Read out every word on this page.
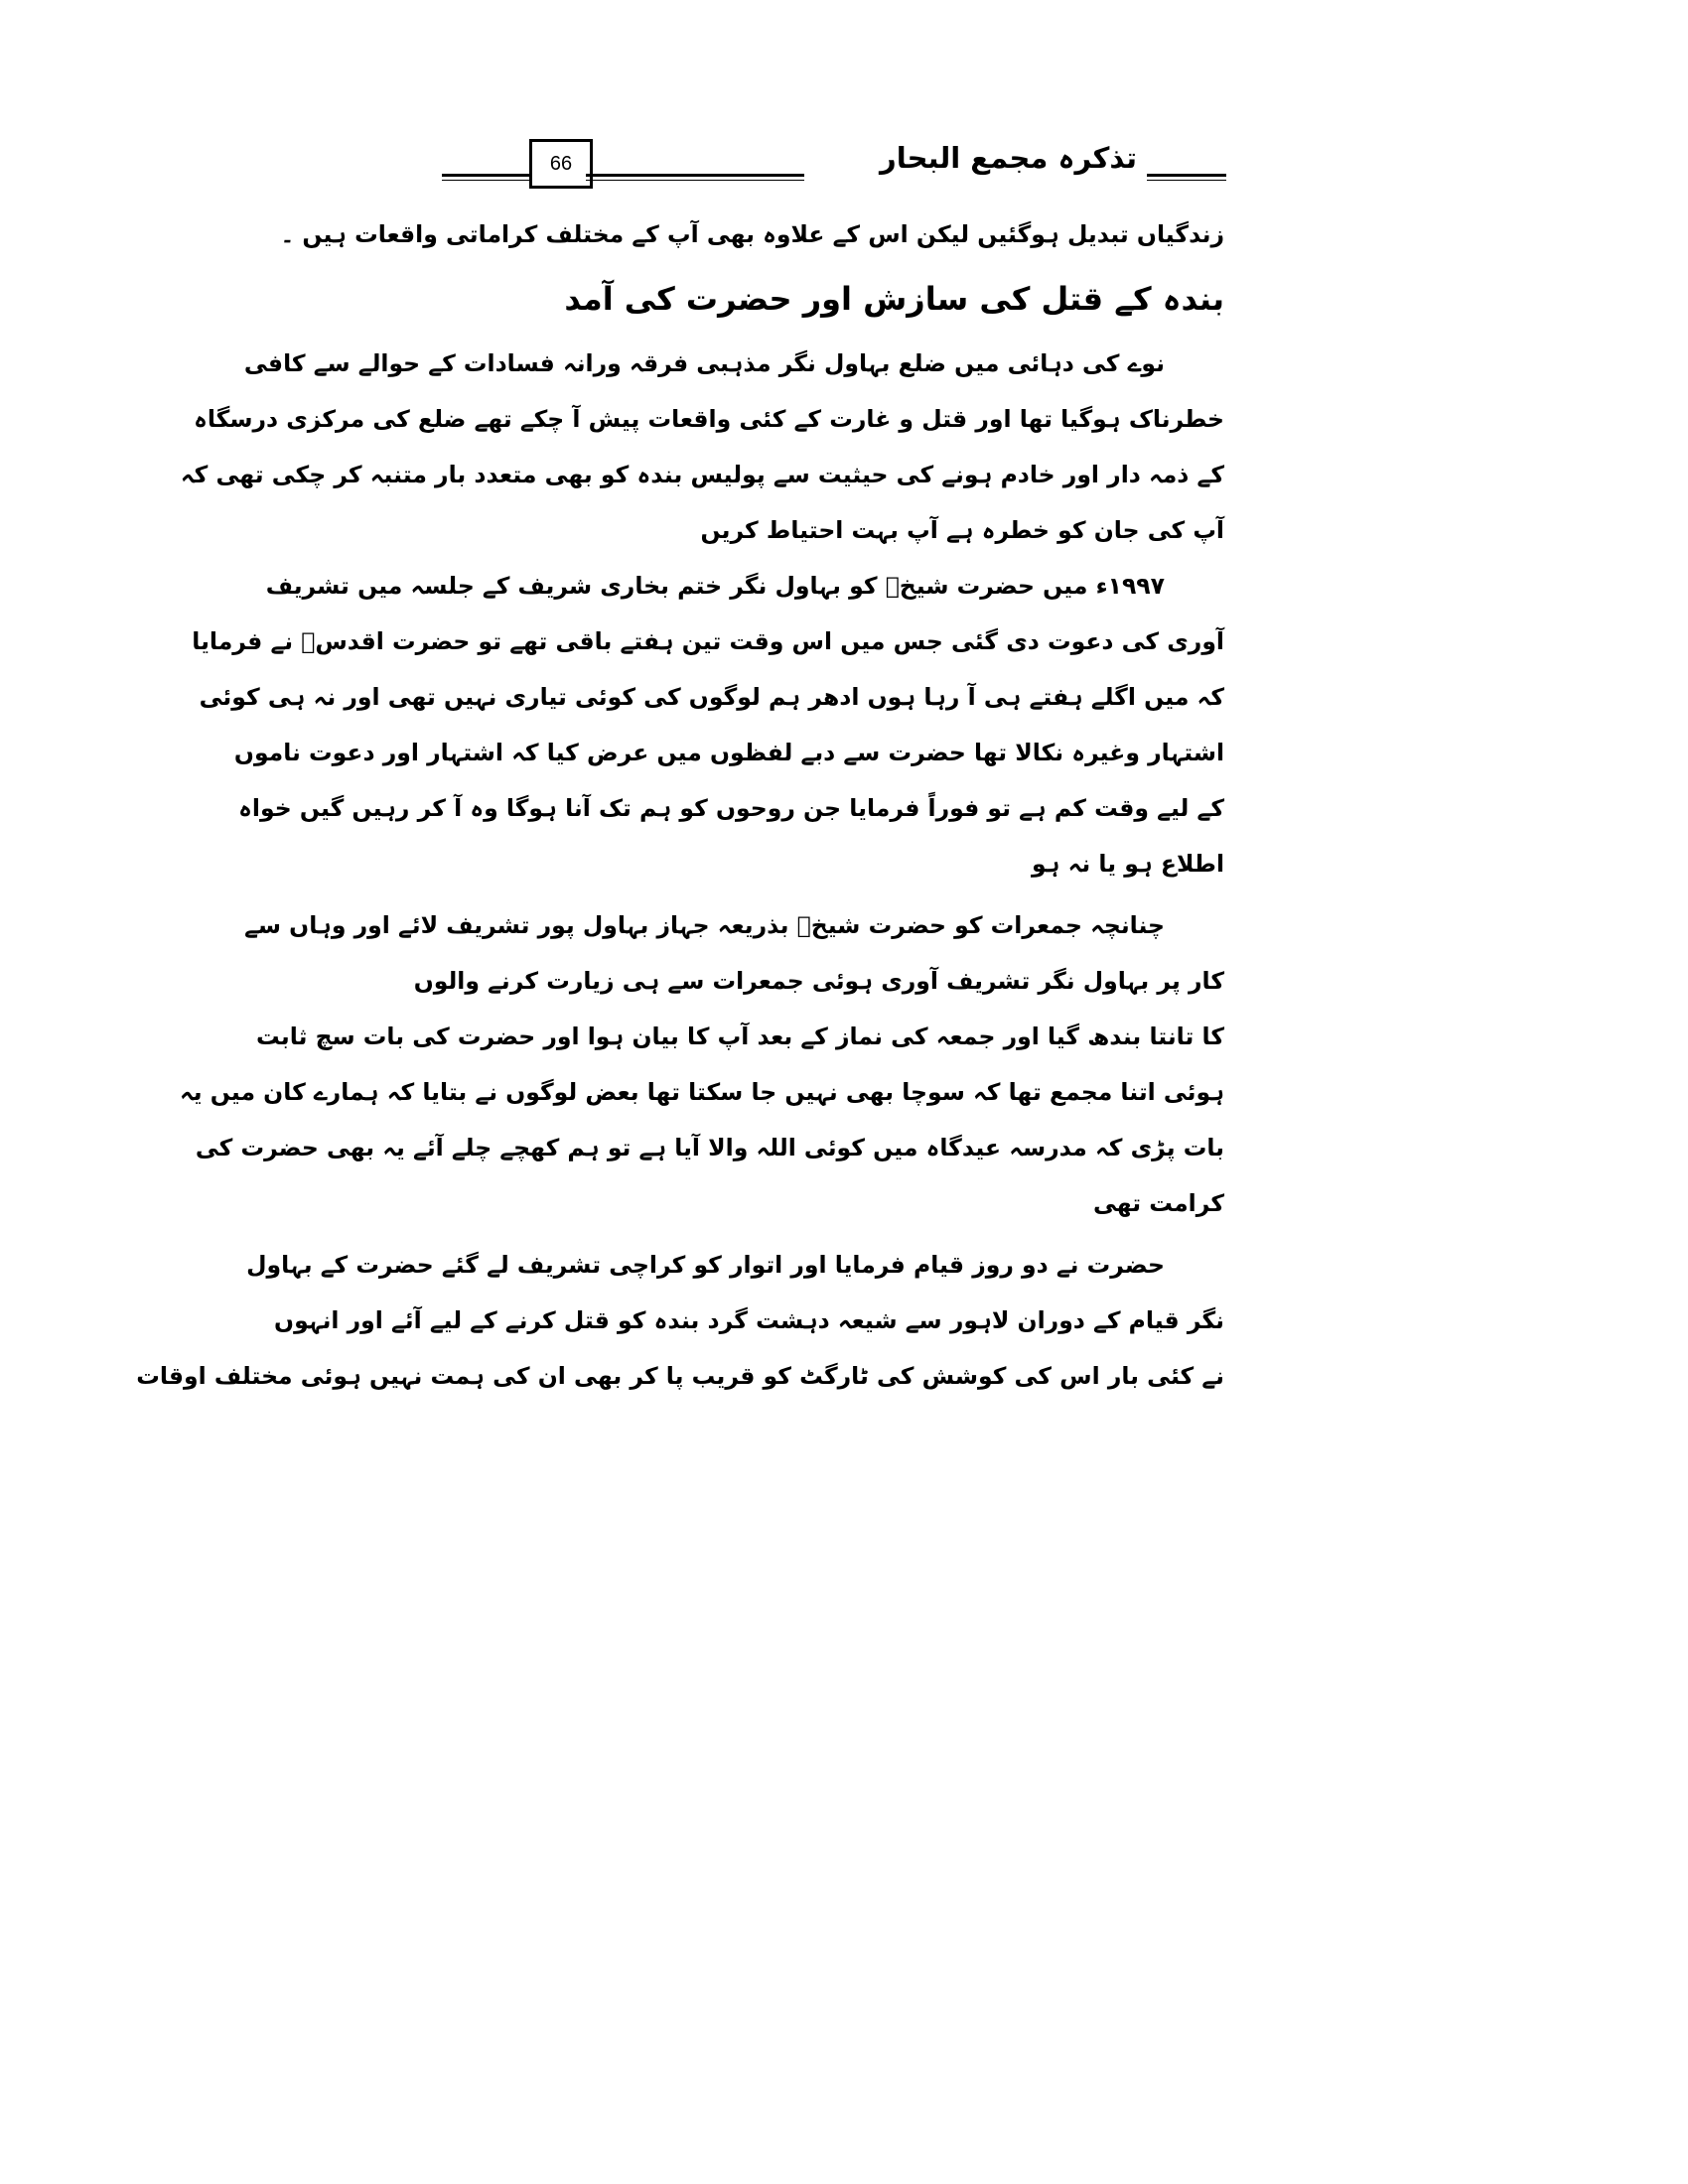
66	تذکرہ مجمع البحار
زندگیاں تبدیل ہوگئیں لیکن اس کے علاوہ بھی آپ کے مختلف کراماتی واقعات ہیں ۔
بندہ کے قتل کی سازش اور حضرت کی آمد
نوے کی دہائی میں ضلع بہاول نگر مذہبی فرقہ ورانہ فسادات کے حوالے سے کافی
خطرناک ہوگیا تھا اور قتل و غارت کے کئی واقعات پیش آ چکے تھے ضلع کی مرکزی درسگاہ
کے ذمہ دار اور خادم ہونے کی حیثیت سے پولیس بندہ کو بھی متعدد بار متنبہ کر چکی تھی کہ
آپ کی جان کو خطرہ ہے آپ بہت احتیاط کریں
۱۹۹۷ء میں حضرت شیخؒ کو بہاول نگر ختم بخاری شریف کے جلسہ میں تشریف
آوری کی دعوت دی گئی جس میں اس وقت تین ہفتے باقی تھے تو حضرت اقدسؒ نے فرمایا
کہ میں اگلے ہفتے ہی آ رہا ہوں ادھر ہم لوگوں کی کوئی تیاری نہیں تھی اور نہ ہی کوئی
اشتہار وغیرہ نکالا تھا حضرت سے دبے لفظوں میں عرض کیا کہ اشتہار اور دعوت ناموں
کے لیے وقت کم ہے تو فوراً فرمایا جن روحوں کو ہم تک آنا ہوگا وہ آ کر رہیں گیں خواہ
اطلاع ہو یا نہ ہو
چنانچہ جمعرات کو حضرت شیخؒ بذریعہ جہاز بہاول پور تشریف لائے اور وہاں سے
کار پر بہاول نگر تشریف آوری ہوئی جمعرات سے ہی زیارت کرنے والوں
کا تانتا بندھ گیا اور جمعہ کی نماز کے بعد آپ کا بیان ہوا اور حضرت کی بات سچ ثابت
ہوئی اتنا مجمع تھا کہ سوچا بھی نہیں جا سکتا تھا بعض لوگوں نے بتایا کہ ہمارے کان میں یہ
بات پڑی کہ مدرسہ عیدگاہ میں کوئی اللہ والا آیا ہے تو ہم کھچے چلے آئے یہ بھی حضرت کی
کرامت تھی
حضرت نے دو روز قیام فرمایا اور اتوار کو کراچی تشریف لے گئے حضرت کے بہاول
نگر قیام کے دوران لاہور سے شیعہ دہشت گرد بندہ کو قتل کرنے کے لیے آئے اور انہوں
نے کئی بار اس کی کوشش کی ٹارگٹ کو قریب پا کر بھی ان کی ہمت نہیں ہوئی مختلف اوقات
